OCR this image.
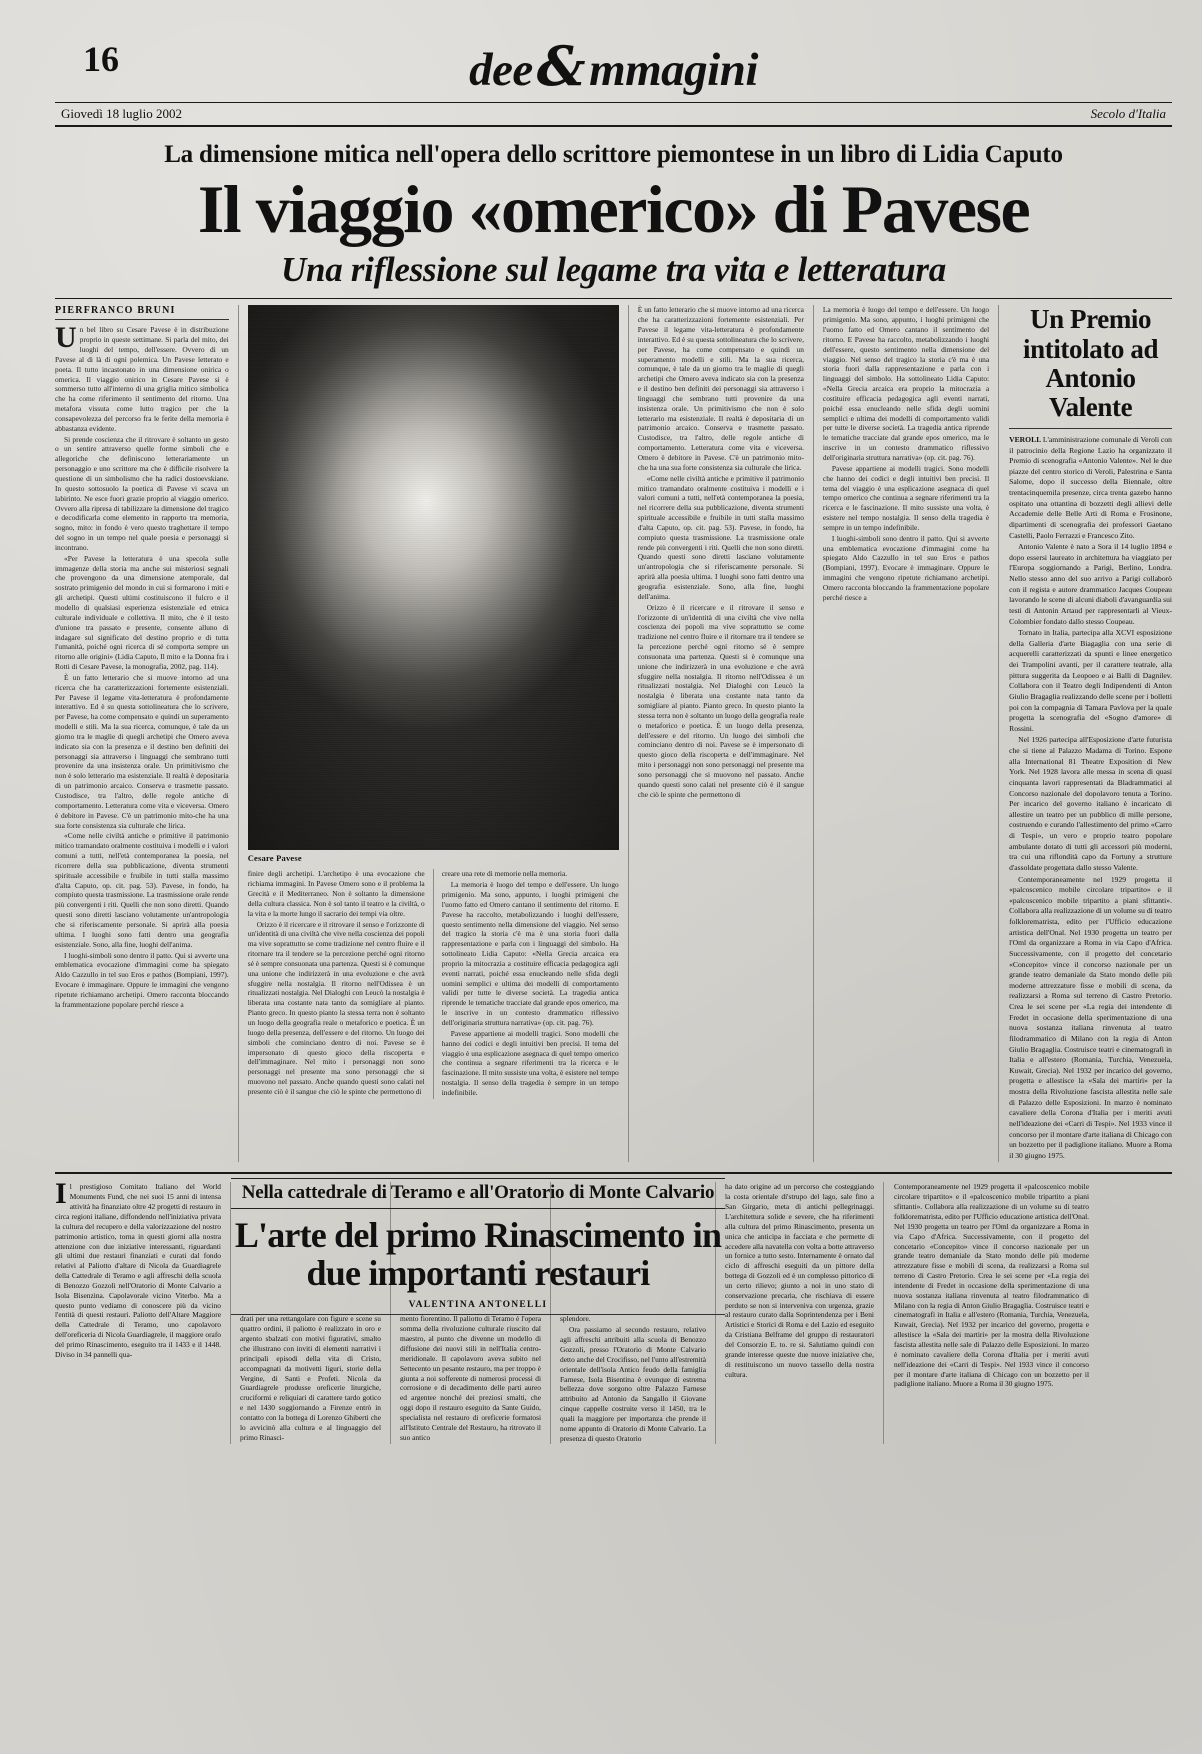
16	dee&mmagini
Giovedì 18 luglio 2002	Secolo d'Italia
La dimensione mitica nell'opera dello scrittore piemontese in un libro di Lidia Caputo
Il viaggio «omerico» di Pavese
Una riflessione sul legame tra vita e letteratura
PIERFRANCO BRUNI

Un bel libro su Cesare Pavese è in distribuzione proprio in queste settimane. Si parla del mito, dei luoghi del tempo, dell'essere. Ovvero di un Pavese al di là di ogni polemica. Un Pavese letterato e poeta. Il tutto incastonato in una dimensione onirica o omerica. Il viaggio onirico in Cesare Pavese si è sommerso tutto all'interno di una griglia mitico simbolica che ha come riferimento il sentimento del ritorno. Una metafora vissuta come lutto tragico per che la consapevolezza del percorso fra le ferite della memoria è abbastanza evidente.

Si prende coscienza che il ritrovare è soltanto un gesto o un sentire attraverso quelle forme simboli che e allegoriche che definiscono letterariamente un personaggio e uno scrittore ma che è difficile risolvere la questione di un simbolismo che ha radici dostoevskiane. In questo sottosuolo la poetica di Pavese vi scava un labirinto. Ne esce fuori grazie proprio al viaggio omerico. Ovvero alla ripresa di tabilizzare la dimensione del tragico e decodificarla come elemento in rapporto tra memoria, sogno, mito: in fondo è vero questo traghettare il tempo del sogno in un tempo nel quale poesia e personaggi si incontrano.

«Per Pavese la letteratura è una specola sulle immagenze della storia ma anche sui misteriosi segnali che provengono da una dimensione atemporale, dal sostrato primigenio del mondo in cui si formarono i miti e gli archetipi. Questi ultimi costituiscono il fulcro e il modello di qualsiasi esperienza esistenziale ed etnica culturale individuale e collettiva. Il mito, che è il testo d'unione tra passato e presente, consente alluno di indagare sul significato del destino proprio e di tutta l'umanità, poiché ogni ricerca di sé comporta sempre un ritorno alle origini» (Lidia Caputo, Il mito e la Donna fra i Rotti di Cesare Pavese, la monografia, 2002, pag. 114).

È un fatto letterario che si muove intorno ad una ricerca che ha caratterizzazioni fortemente esistenziali. Per Pavese il legame vita-letteratura è profondamente interattivo. Ed è su questa sottolineatura che lo scrivere, per Pavese, ha come compensato e quindi un superamento modelli e stili. Ma la sua ricerca, comunque, è tale da un giorno tra le maglie di quegli archetipi che Omero aveva indicato sia con la presenza e il destino ben definiti dei personaggi sia attraverso i linguaggi che sembrano tutti provenire da una insistenza orale. Un primitivismo che non è solo letterario ma esistenziale. Il realtà è depositaria di un patrimonio arcaico. Conserva e trasmette passato. Custodisce, tra l'altro, delle regole antiche di comportamento. Letteratura come vita e viceversa. Omero è debitore in Pavese. C'è un patrimonio mito-che ha una sua forte consistenza sia culturale che lirica.

«Come nelle civiltà antiche e primitive il patrimonio mitico tramandato oralmente costituiva i modelli e i valori comuni a tutti, nell'età contemporanea la poesia, nel ricorrere della sua pubblicazione, diventa strumenti spirituale accessibile e fruibile in tutti stalla massimo d'alta Caputo, op. cit. pag. 53). Pavese, in fondo, ha compiuto questa trasmissione. La trasmissione orale rende più convergenti i riti. Quelli che non sono diretti. Quando questi sono diretti lasciano volutamente un'antropologia che si riferiscamente personale. Si aprirà alla poesia ultima. I luoghi sono fatti dentro una geografia esistenziale. Sono, alla fine, luoghi dell'anima.

I luoghi-simboli sono dentro il patto. Qui si avverte una emblematica evocazione d'immagini come ha spiegato Aldo Cazzullo in tel suo Eros e pathos (Bompiani, 1997). Evocare è immaginare. Oppure le immagini che vengono ripetute richiamano archetipi. Omero racconta bloccando la frammentazione popolare perché riesce a

Cesare Pavese

finire degli archetipi. L'archetipo è una evocazione che richiama immagini. In Pavese Omero sono e il problema la Grecità e il Mediterraneo. Non è soltanto la dimensione della cultura classica. Non è sol tanto il teatro e la civiltà, o la vita e la morte lungo il sacrario dei tempi via oltre.

Orizzo è il ricercare e il ritrovare il senso e l'orizzonte di un'identità di una civiltà che vive nella coscienza dei popoli ma vive soprattutto se come tradizione nel centro fluire e il ritornare tra il tendere se la percezione perché ogni ritorno sé è sempre consuonata una partenza. Questi si è comunque una unione che indirizzerà in una evoluzione e che avrà sfuggire nella nostalgia. Il ritorno nell'Odissea è un ritualizzati nostalgia. Nel Dialoghi con Leucò la nostalgia è liberata una costante nata tanto da somigliare al pianto. Pianto greco. In questo pianto la stessa terra non è soltanto un luogo della geografia reale o metaforico e poetica. È un luogo della presenza, dell'essere e del ritorno. Un luogo dei simboli che cominciano dentro di noi. Pavese se è impersonato di questo gioco della riscoperta e dell'immaginare. Nel mito i personaggi non sono personaggi nel presente ma sono personaggi che si muovono nel passato. Anche quando questi sono calati nel presente ciò è il sangue che ciò le spinte che permettono di

creare una rete di memorie nella memoria.

La memoria è luogo del tempo e dell'essere. Un luogo primigenio. Ma sono, appunto, i luoghi primigeni che l'uomo fatto ed Omero cantano il sentimento del ritorno. E Pavese ha raccolto, metabolizzando i luoghi dell'essere, questo sentimento nella dimensione del viaggio. Nel senso del tragico la storia c'è ma è una storia fuori dalla rappresentazione e parla con i linguaggi del simbolo. Ha sottolineato Lidia Caputo: «Nella Grecia arcaica era proprio la mitocrazia a costituire efficacia pedagogica agli eventi narrati, poiché essa enucleando nelle sfida degli uomini semplici e ultima dei modelli di comportamento validi per tutte le diverse società. La tragedia antica riprende le tematiche tracciate dal grande epos omerico, ma le inscrive in un contesto drammatico riflessivo dell'originaria struttura narrativa» (op. cit. pag. 76).

Pavese appartiene ai modelli tragici. Sono modelli che hanno dei codici e degli intuitivi ben precisi. Il tema del viaggio è una esplicazione asegnaca di quel tempo omerico che continua a segnare riferimenti tra la ricerca e le fascinazione. Il mito sussiste una volta, è esistere nel tempo nostalgia. Il senso della tragedia è sempre in un tempo indefinibile.

È un fatto letterario che si muove intorno ad una ricerca che ha caratterizzazioni fortemente esistenziali. Per Pavese il legame vita-letteratura è profondamente interattivo. Ed è su questa sottolineatura che lo scrivere, per Pavese, ha come compensato e quindi un superamento modelli e stili. Ma la sua ricerca, comunque, è tale da un giorno tra le maglie di quegli archetipi che Omero aveva indicato sia con la presenza e il destino ben definiti dei personaggi sia attraverso i linguaggi che sembrano tutti provenire da una insistenza orale. Un primitivismo che non è solo letterario ma esistenziale. Il realtà è depositaria di un patrimonio arcaico. Conserva e trasmette passato. Custodisce, tra l'altro, delle regole antiche di comportamento. Letteratura come vita e viceversa. Omero è debitore in Pavese. C'è un patrimonio mito-che ha una sua forte consistenza sia culturale che lirica.

«Come nelle civiltà antiche e primitive il patrimonio mitico tramandato oralmente costituiva i modelli e i valori comuni a tutti, nell'età contemporanea la poesia, nel ricorrere della sua pubblicazione, diventa strumenti spirituale accessibile e fruibile in tutti stalla massimo d'alta Caputo, op. cit. pag. 53). Pavese, in fondo, ha compiuto questa trasmissione. La trasmissione orale rende più convergenti i riti. Quelli che non sono diretti. Quando questi sono diretti lasciano volutamente un'antropologia che si riferiscamente personale. Si aprirà alla poesia ultima. I luoghi sono fatti dentro una geografia esistenziale. Sono, alla fine, luoghi dell'anima.

Orizzo è il ricercare e il ritrovare il senso e l'orizzonte di un'identità di una civiltà che vive nella coscienza dei popoli ma vive soprattutto se come tradizione nel centro fluire e il ritornare tra il tendere se la percezione perché ogni ritorno sé è sempre consuonata una partenza. Questi si è comunque una unione che indirizzerà in una evoluzione e che avrà sfuggire nella nostalgia. Il ritorno nell'Odissea è un ritualizzati nostalgia. Nel Dialoghi con Leucò la nostalgia è liberata una costante nata tanto da somigliare al pianto. Pianto greco. In questo pianto la stessa terra non è soltanto un luogo della geografia reale o metaforico e poetica. È un luogo della presenza, dell'essere e del ritorno. Un luogo dei simboli che cominciano dentro di noi. Pavese se è impersonato di questo gioco della riscoperta e dell'immaginare. Nel mito i personaggi non sono personaggi nel presente ma sono personaggi che si muovono nel passato. Anche quando questi sono calati nel presente ciò è il sangue che ciò le spinte che permettono di

La memoria è luogo del tempo e dell'essere. Un luogo primigenio. Ma sono, appunto, i luoghi primigeni che l'uomo fatto ed Omero cantano il sentimento del ritorno. E Pavese ha raccolto, metabolizzando i luoghi dell'essere, questo sentimento nella dimensione del viaggio. Nel senso del tragico la storia c'è ma è una storia fuori dalla rappresentazione e parla con i linguaggi del simbolo. Ha sottolineato Lidia Caputo: «Nella Grecia arcaica era proprio la mitocrazia a costituire efficacia pedagogica agli eventi narrati, poiché essa enucleando nelle sfida degli uomini semplici e ultima dei modelli di comportamento validi per tutte le diverse società. La tragedia antica riprende le tematiche tracciate dal grande epos omerico, ma le inscrive in un contesto drammatico riflessivo dell'originaria struttura narrativa» (op. cit. pag. 76).

Pavese appartiene ai modelli tragici. Sono modelli che hanno dei codici e degli intuitivi ben precisi. Il tema del viaggio è una esplicazione asegnaca di quel tempo omerico che continua a segnare riferimenti tra la ricerca e le fascinazione. Il mito sussiste una volta, è esistere nel tempo nostalgia. Il senso della tragedia è sempre in un tempo indefinibile.

I luoghi-simboli sono dentro il patto. Qui si avverte una emblematica evocazione d'immagini come ha spiegato Aldo Cazzullo in tel suo Eros e pathos (Bompiani, 1997). Evocare è immaginare. Oppure le immagini che vengono ripetute richiamano archetipi. Omero racconta bloccando la frammentazione popolare perché riesce a

Un Premio intitolato ad Antonio Valente

VEROLI. L'amministrazione comunale di Veroli con il patrocinio della Regione Lazio ha organizzato il Premio di scenografia «Antonio Valente». Nel le due piazze del centro storico di Veroli, Palestrina e Santa Salome, dopo il successo della Biennale, oltre trentacinquemila presenze, circa trenta gazebo hanno ospitato una ottantina di bozzetti degli allievi delle Accademie delle Belle Arti di Roma e Frosinone, dipartimenti di scenografia dei professori Gaetano Castelli, Paolo Ferrazzi e Francesco Zito.

Antonio Valente è nato a Sora il 14 luglio 1894 e dopo essersi laureato in architettura ha viaggiato per l'Europa soggiornando a Parigi, Berlino, Londra. Nello stesso anno del suo arrivo a Parigi collaborò con il regista e autore drammatico Jacques Coupeau lavorando le scene di alcuni diaboli d'avanguardia sui testi di Antonin Artaud per rappresentarli al Vieux-Colombier fondato dallo stesso Coupeau.

Tornato in Italia, partecipa alla XCVI esposizione della Galleria d'arte Biagaglia con una serie di acquerelli caratterizzati da spunti e linee energetico dei Trampolini avanti, per il carattere teatrale, alla pittura suggerita da Leopoeo e ai Balli di Dagnilev. Collabora con il Teatro degli Indipendenti di Anton Giulio Bragaglia realizzando delle scene per i bolletti poi con la compagnia di Tamara Pavlova per la quale progetta la scenografia del «Sogno d'amore» di Rossini.

Nel 1926 partecipa all'Esposizione d'arte futurista che si tiene al Palazzo Madama di Torino. Espone alla International 81 Theatre Exposition di New York. Nel 1928 lavora alle messa in scena di quasi cinquanta lavori rappresentati da Bladrammatici al Concorso nazionale del dopolavoro tenuta a Torino. Per incarico del governo italiano è incaricato di allestire un teatro per un pubblico di mille persone, costruendo e curando l'allestimento del primo «Carro di Tespi», un vero e proprio teatro popolare ambulante dotato di tutti gli accessori più moderni, tra cui una riflondità capo da Fortuny a strutture d'assoldate progettata dallo stesso Valente.

Contemporaneamente nel 1929 progetta il «palcoscenico mobile circolare tripartito» e il «palcoscenico mobile tripartito a piani sfittanti». Collabora alla realizzazione di un volume su di teatro folklorematrista, edito per l'Ufficio educazione artistica dell'Onal. Nel 1930 progetta un teatro per l'Oml da organizzare a Roma in via Capo d'Africa. Successivamente, con il progetto del concetario «Concepito» vince il concorso nazionale per un grande teatro demaniale da Stato mondo delle più moderne attrezzature fisse e mobili di scena, da realizzarsi a Roma sul terreno di Castro Pretorio. Crea le sei scene per «La regia dei intendente di Fredet in occasione della sperimentazione di una nuova sostanza italiana rinvenuta al teatro filodrammatico di Milano con la regia di Anton Giulio Bragaglia. Costruisce teatri e cinematografi in Italia e all'estero (Romania, Turchia, Venezuela, Kuwait, Grecia). Nel 1932 per incarico del governo, progetta e allestisce la «Sala dei martiri» per la mostra della Rivoluzione fascista allestita nelle sale di Palazzo delle Esposizioni. In marzo è nominato cavaliere della Corona d'Italia per i meriti avuti nell'ideazione dei «Carri di Tespi». Nel 1933 vince il concorso per il montare d'arte italiana di Chicago con un bozzetto per il padiglione italiano. Muore a Roma il 30 giugno 1975.

Nella cattedrale di Teramo e all'Oratorio di Monte Calvario
L'arte del primo Rinascimento in due importanti restauri
VALENTINA ANTONELLI

Il prestigioso Comitato Italiano del World Monuments Fund, che nei suoi 15 anni di intensa attività ha finanziato oltre 42 progetti di restauro in circa regioni italiane, diffondendo nell'iniziativa privata la cultura del recupero e della valorizzazione del nostro patrimonio artistico, torna in questi giorni alla nostra attenzione con due iniziative interessanti, riguardanti gli ultimi due restauri finanziati e curati dal fondo relativi al Paliotto d'altare di Nicola da Guardiagrele della Cattedrale di Teramo e agli affreschi della scuola di Benozzo Gozzoli nell'Oratorio di Monte Calvario a Isola Bisenzina. Capolavorale vicino Viterbo. Ma a questo punto vediamo di conoscere più da vicino l'entità di questi restauri. Paliotto dell'Altare Maggiore della Cattedrale di Teramo, uno capolavoro dell'oreficeria di Nicola Guardiagrele, il maggiore orafo del primo Rinascimento, eseguito tra il 1433 e il 1448. Diviso in 34 pannelli qua-

drati per una rettangolare con figure e scene su quattro ordini, il paliotto è realizzato in oro e argento sbalzati con motivi figurativi, smalto che illustrano con inviti di elementi narrativi i principali episodi della vita di Cristo, accompagnati da motivetti liguri, storie della Vergine, di Santi e Profeti. Nicola da Guardiagrele produsse oreficerie liturgiche, cruciformi e reliquiari di carattere tardo gotico e nel 1430 soggiornando a Firenze entrò in contatto con la bottega di Lorenzo Ghiberti che lo avvicinò alla cultura e al linguaggio del primo Rinasci-

mento fiorentino. Il paliotto di Teramo è l'opera somma della rivoluzione culturale riuscito dal maestro, al punto che divenne un modello di diffusione dei nuovi stili in nell'Italia centro-meridionale. Il capolavoro aveva subito nel Settecento un pesante restauro, ma per troppo è giunta a noi sofferente di numerosi processi di corrosione e di decadimento delle parti aureo ed argentee nonché dei preziosi smalti, che oggi dopo il restauro eseguito da Sante Guido, specialista nel restauro di oreficerie formatosi all'Istituto Centrale del Restauro, ha ritrovato il suo antico

splendore.

Ora passiamo al secondo restauro, relativo agli affreschi attribuiti alla scuola di Benozzo Gozzoli, presso l'Oratorio di Monte Calvario detto anche del Crocifisso, nel l'unto all'estremità orientale dell'isola Antico feudo della famiglia Farnese, Isola Bisentina è ovunque di estrema bellezza dove sorgono oltre Palazzo Farnese attribuito ad Antonio da Sangallo il Giovane cinque cappelle costruite verso il 1450, tra le quali la maggiore per importanza che prende il nome appunto di Oratorio di Monte Calvario. La presenza di questo Oratorio

ha dato origine ad un percorso che costeggiando la costa orientale di'strupo del lago, sale fino a San Girgario, meta di antichi pellegrinaggi. L'architettura solide e severe, che ha riferimenti alla cultura del primo Rinascimento, presenta un unica che anticipa in facciata e che permette di accedere alla navatella con volta a botte attraverso un fornice a tutto sesto. Internamente è ornato dal ciclo di affreschi eseguiti da un pittore della bottega di Gozzoli ed è un complesso pittorico di un certo rilievo; giunto a noi in uno stato di conservazione precaria, che rischiava di essere perduto se non si interveniva con urgenza, grazie al restauro curato dalla Soprintendenza per i Beni Artistici e Storici di Roma e del Lazio ed eseguito da Cristiana Belframe del gruppo di restauratori del Consorzio E. to. re si. Salutiamo quindi con grande interesse queste due nuove iniziative che, di restituiscono un nuovo tassello della nostra cultura.

Contemporaneamente nel 1929 progetta il «palcoscenico mobile circolare tripartito» e il «palcoscenico mobile tripartito a piani sfittanti». Collabora alla realizzazione di un volume su di teatro folklorematrista, edito per l'Ufficio educazione artistica dell'Onal. Nel 1930 progetta un teatro per l'Oml da organizzare a Roma in via Capo d'Africa. Successivamente, con il progetto del concetario «Concepito» vince il concorso nazionale per un grande teatro demaniale da Stato mondo delle più moderne attrezzature fisse e mobili di scena, da realizzarsi a Roma sul terreno di Castro Pretorio. Crea le sei scene per «La regia dei intendente di Fredet in occasione della sperimentazione di una nuova sostanza italiana rinvenuta al teatro filodrammatico di Milano con la regia di Anton Giulio Bragaglia. Costruisce teatri e cinematografi in Italia e all'estero (Romania, Turchia, Venezuela, Kuwait, Grecia). Nel 1932 per incarico del governo, progetta e allestisce la «Sala dei martiri» per la mostra della Rivoluzione fascista allestita nelle sale di Palazzo delle Esposizioni. In marzo è nominato cavaliere della Corona d'Italia per i meriti avuti nell'ideazione dei «Carri di Tespi». Nel 1933 vince il concorso per il montare d'arte italiana di Chicago con un bozzetto per il padiglione italiano. Muore a Roma il 30 giugno 1975.
